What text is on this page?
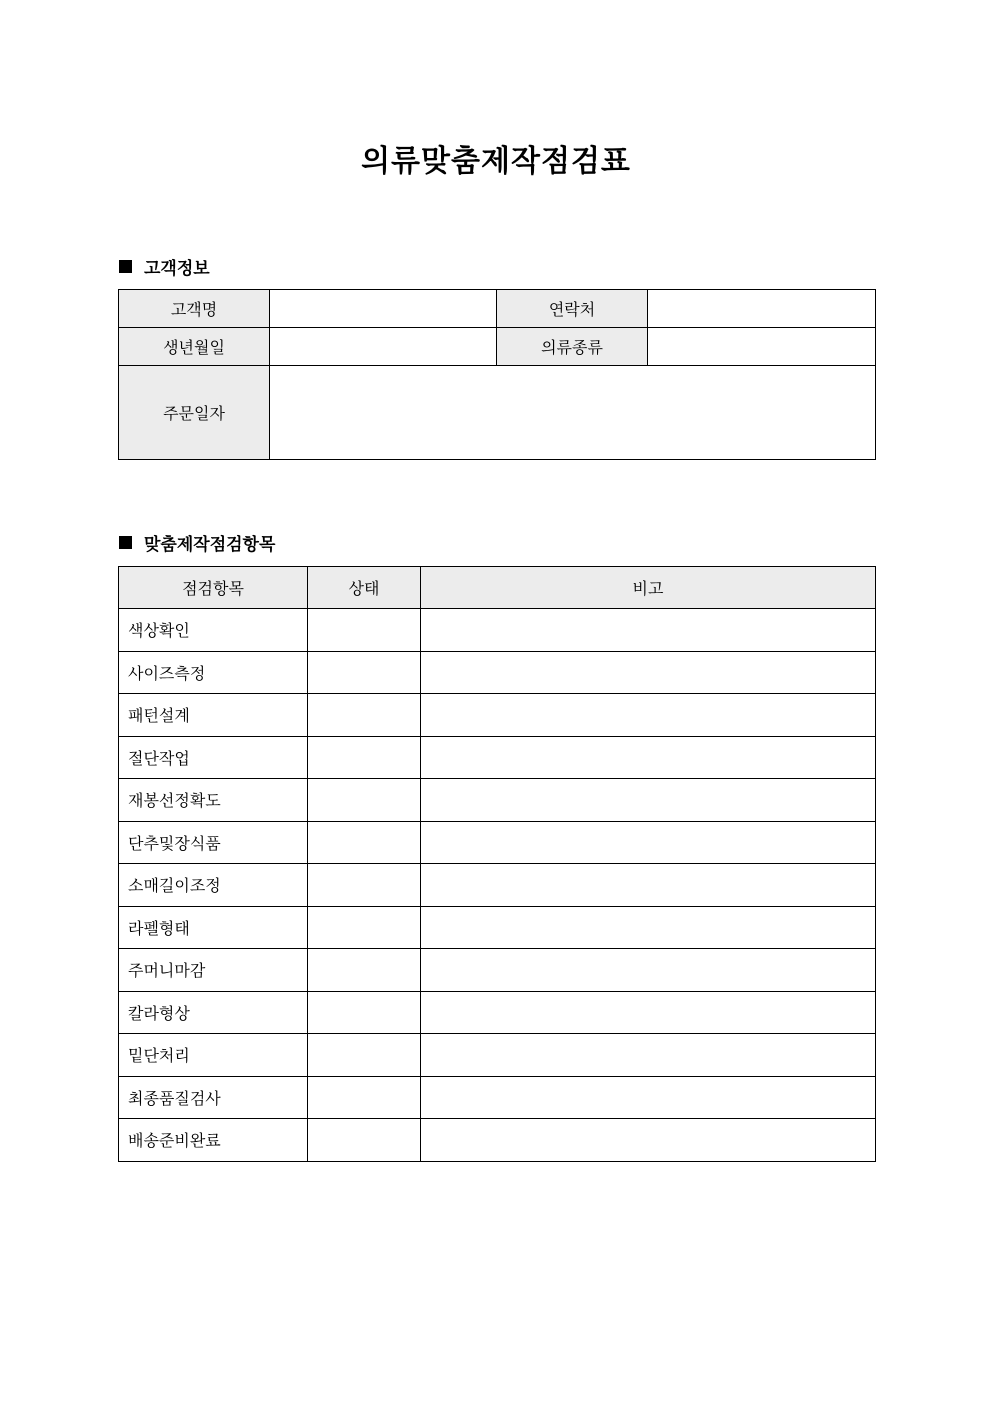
의류맞춤제작점검표
고객정보
고객명		연락처	
생년월일		의류종류	
주문일자			
맞춤제작점검항목
점검항목	상태	비고
색상확인		
사이즈측정		
패턴설계		
절단작업		
재봉선정확도		
단추및장식품		
소매길이조정		
라펠형태		
주머니마감		
칼라형상		
밑단처리		
최종품질검사		
배송준비완료		
